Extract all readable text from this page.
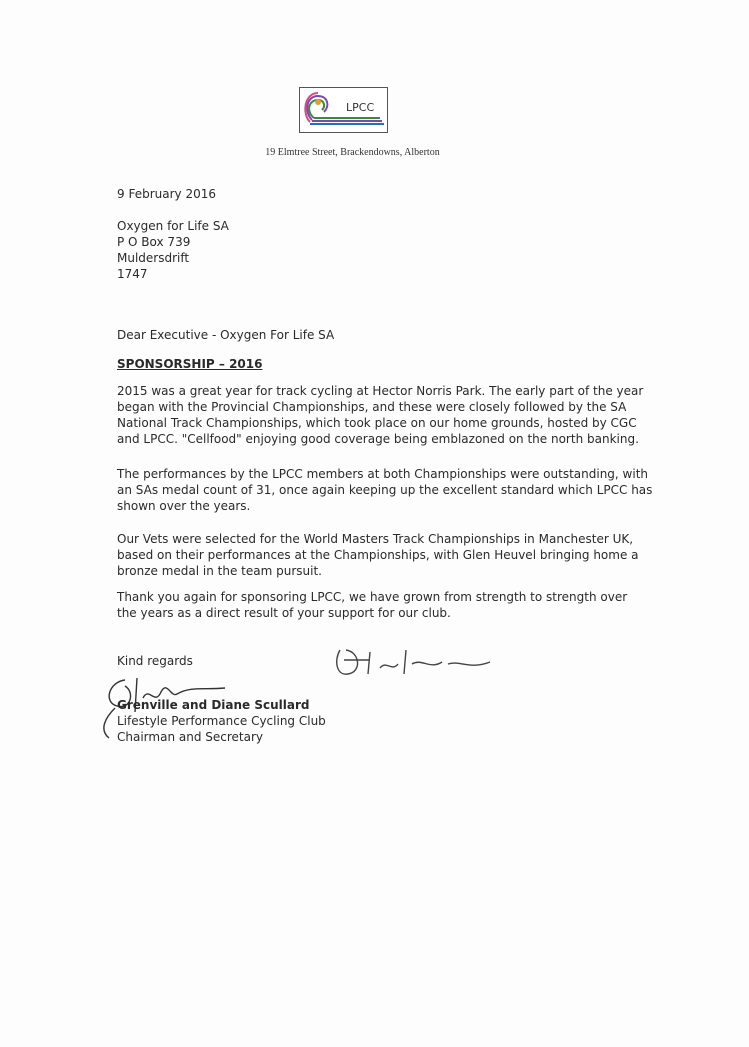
LPCC
19 Elmtree Street, Brackendowns, Alberton
9 February 2016
Oxygen for Life SA
P O Box 739
Muldersdrift
1747
Dear Executive - Oxygen For Life SA
SPONSORSHIP – 2016
2015 was a great year for track cycling at Hector Norris Park. The early part of the year
began with the Provincial Championships, and these were closely followed by the SA
National Track Championships, which took place on our home grounds, hosted by CGC
and LPCC. "Cellfood" enjoying good coverage being emblazoned on the north banking.
The performances by the LPCC members at both Championships were outstanding, with
an SAs medal count of 31, once again keeping up the excellent standard which LPCC has
shown over the years.
Our Vets were selected for the World Masters Track Championships in Manchester UK,
based on their performances at the Championships, with Glen Heuvel bringing home a
bronze medal in the team pursuit.
Thank you again for sponsoring LPCC, we have grown from strength to strength over
the years as a direct result of your support for our club.
Kind regards
Grenville and Diane Scullard
Lifestyle Performance Cycling Club
Chairman and Secretary
